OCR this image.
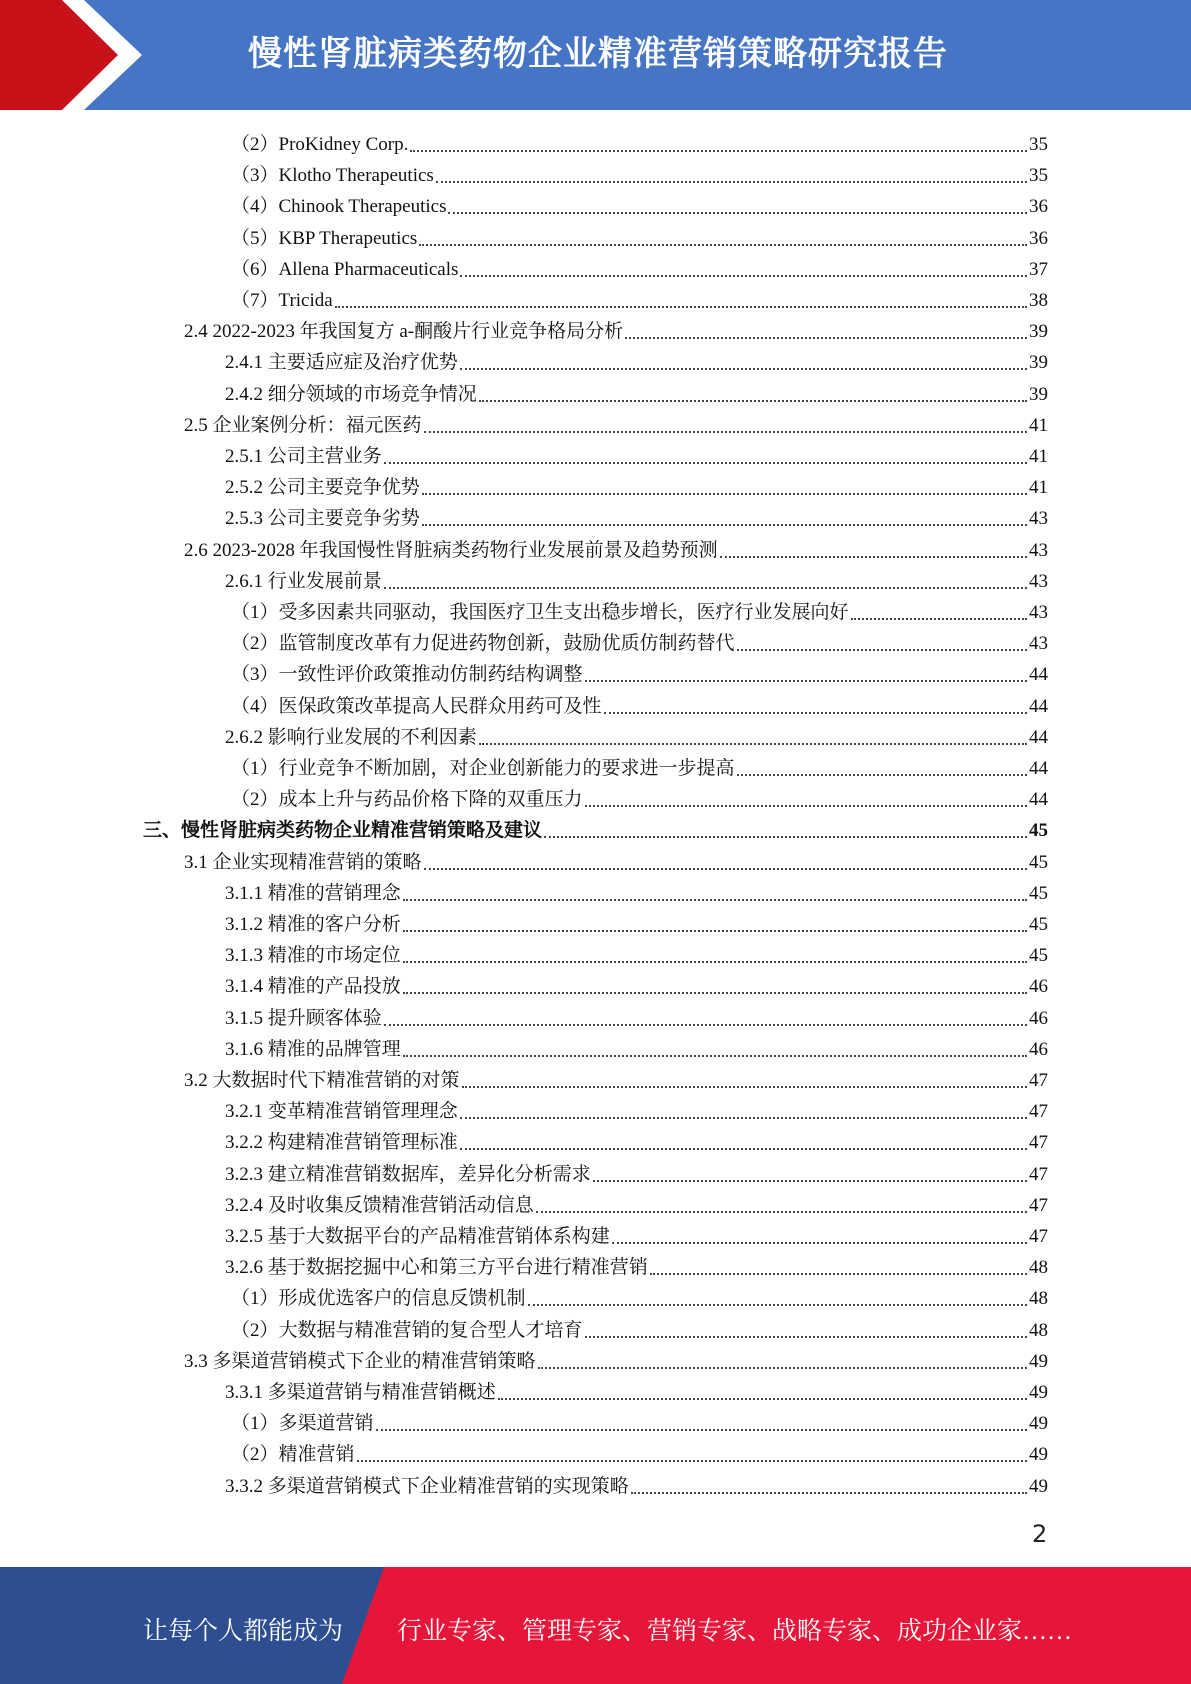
慢性肾脏病类药物企业精准营销策略研究报告
（2）ProKidney Corp.	35
（3）Klotho Therapeutics	35
（4）Chinook Therapeutics	36
（5）KBP Therapeutics	36
（6）Allena Pharmaceuticals	37
（7）Tricida	38
2.4 2022-2023 年我国复方 a-酮酸片行业竞争格局分析	39
2.4.1 主要适应症及治疗优势	39
2.4.2 细分领域的市场竞争情况	39
2.5 企业案例分析：福元医药	41
2.5.1 公司主营业务	41
2.5.2 公司主要竞争优势	41
2.5.3 公司主要竞争劣势	43
2.6 2023-2028 年我国慢性肾脏病类药物行业发展前景及趋势预测	43
2.6.1 行业发展前景	43
（1）受多因素共同驱动，我国医疗卫生支出稳步增长，医疗行业发展向好	43
（2）监管制度改革有力促进药物创新，鼓励优质仿制药替代	43
（3）一致性评价政策推动仿制药结构调整	44
（4）医保政策改革提高人民群众用药可及性	44
2.6.2 影响行业发展的不利因素	44
（1）行业竞争不断加剧，对企业创新能力的要求进一步提高	44
（2）成本上升与药品价格下降的双重压力	44
三、慢性肾脏病类药物企业精准营销策略及建议	45
3.1 企业实现精准营销的策略	45
3.1.1 精准的营销理念	45
3.1.2 精准的客户分析	45
3.1.3 精准的市场定位	45
3.1.4 精准的产品投放	46
3.1.5 提升顾客体验	46
3.1.6 精准的品牌管理	46
3.2 大数据时代下精准营销的对策	47
3.2.1 变革精准营销管理理念	47
3.2.2 构建精准营销管理标准	47
3.2.3 建立精准营销数据库，差异化分析需求	47
3.2.4 及时收集反馈精准营销活动信息	47
3.2.5 基于大数据平台的产品精准营销体系构建	47
3.2.6 基于数据挖掘中心和第三方平台进行精准营销	48
（1）形成优选客户的信息反馈机制	48
（2）大数据与精准营销的复合型人才培育	48
3.3 多渠道营销模式下企业的精准营销策略	49
3.3.1 多渠道营销与精准营销概述	49
（1）多渠道营销	49
（2）精准营销	49
3.3.2 多渠道营销模式下企业精准营销的实现策略	49
2
让每个人都能成为 行业专家、管理专家、营销专家、战略专家、成功企业家……
